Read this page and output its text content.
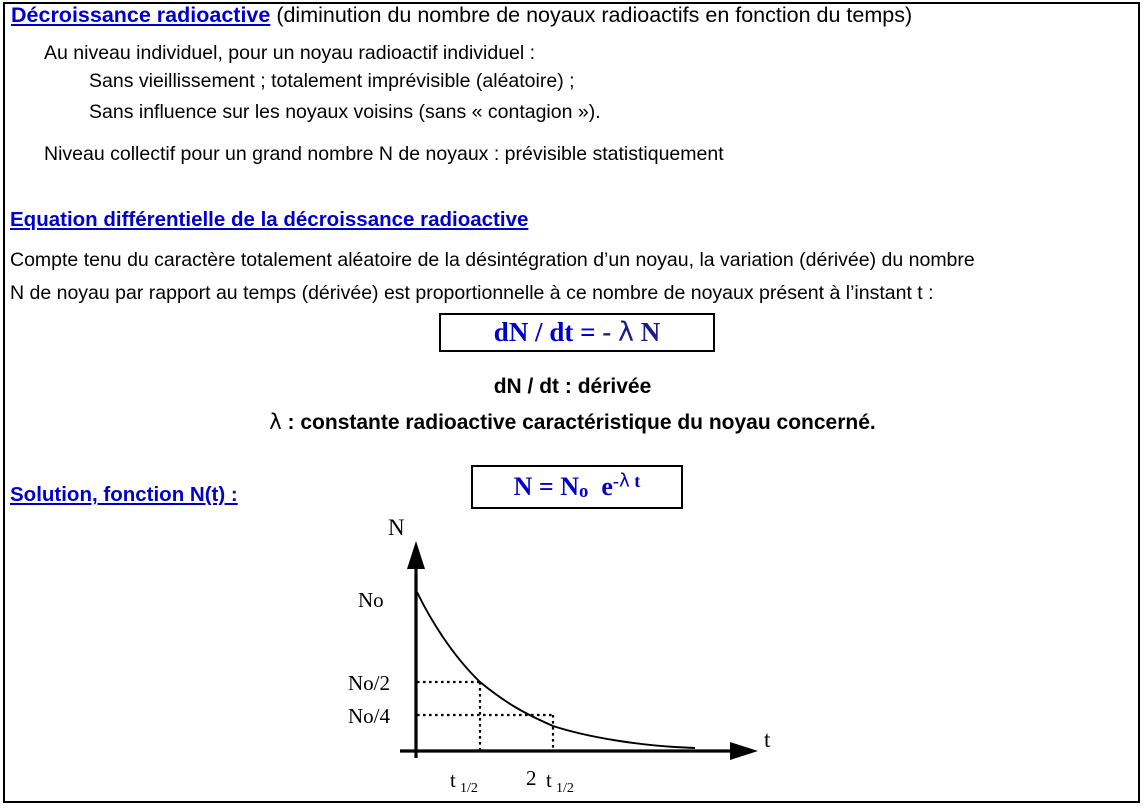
Décroissance radioactive (diminution du nombre de noyaux radioactifs en fonction du temps)
Au niveau individuel, pour un noyau radioactif individuel :
Sans vieillissement ; totalement imprévisible (aléatoire) ;
Sans influence sur les noyaux voisins (sans « contagion »).
Niveau collectif pour un grand nombre N de noyaux : prévisible statistiquement
Equation différentielle de la décroissance radioactive
Compte tenu du caractère totalement aléatoire de la désintégration d’un noyau, la variation (dérivée) du nombre
N de noyau par rapport au temps (dérivée) est proportionnelle à ce nombre de noyaux présent à l’instant t :
dN / dt = - λ N
dN / dt : dérivée
λ : constante radioactive caractéristique du noyau concerné.
Solution, fonction N(t) :	$N = N_o$ $e^{-\lambda t}$
N
t
No
No/2
No/4
t 1/2 2 t 1/2
